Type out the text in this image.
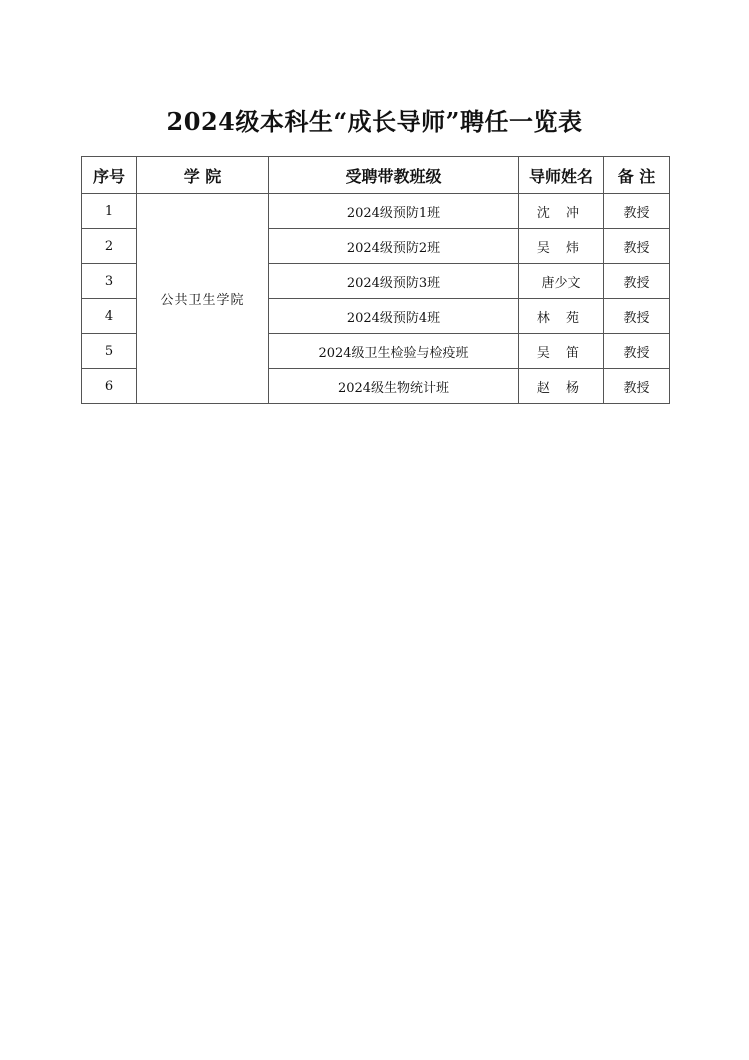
2024级本科生“成长导师”聘任一览表
序号	学 院	受聘带教班级	导师姓名	备 注
1	公共卫生学院	2024级预防1班	沈 冲	教授
2		2024级预防2班	吴 炜	教授
3		2024级预防3班	唐少文	教授
4		2024级预防4班	林 苑	教授
5		2024级卫生检验与检疫班	吴 笛	教授
6		2024级生物统计班	赵 杨	教授
